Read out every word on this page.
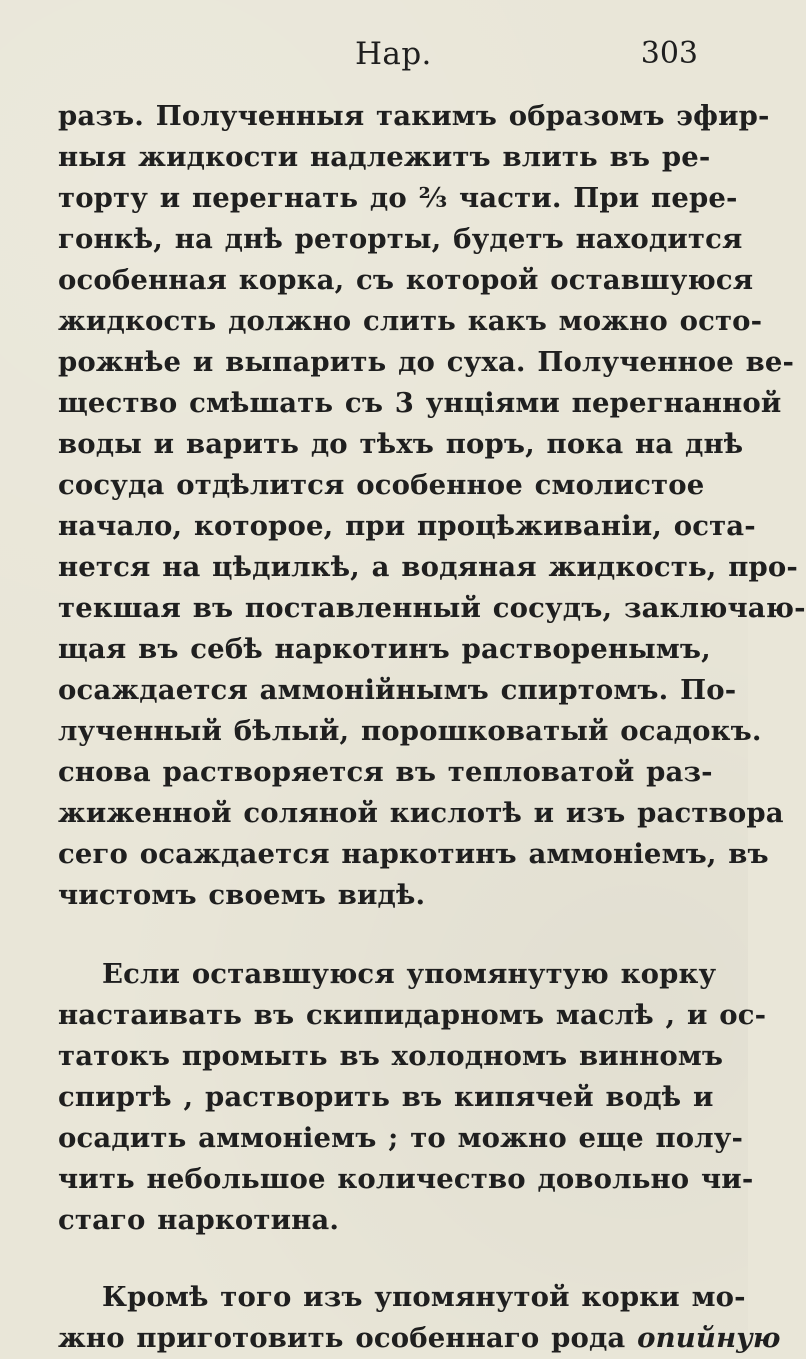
Нар.	303
разъ. Полученныя такимъ образомъ эфир-
ныя жидкости надлежитъ влить въ ре-
торту и перегнать до ⅔ части. При пере-
гонкѣ, на днѣ реторты, будетъ находится
особенная корка, съ которой оставшуюся
жидкость должно слить какъ можно осто-
рожнѣе и выпарить до суха. Полученное ве-
щество смѣшать съ 3 унціями перегнанной
воды и варить до тѣхъ поръ, пока на днѣ
сосуда отдѣлится особенное смолистое
начало, которое, при процѣживаніи, оста-
нется на цѣдилкѣ, а водяная жидкость, про-
текшая въ поставленный сосудъ, заключаю-
щая въ себѣ наркотинъ растворенымъ,
осаждается аммонійнымъ спиртомъ. По-
лученный бѣлый, порошковатый осадокъ.
снова растворяется въ тепловатой раз-
жиженной соляной кислотѣ и изъ раствора
сего осаждается наркотинъ аммоніемъ, въ
чистомъ своемъ видѣ.
Если оставшуюся упомянутую корку
настаивать въ скипидарномъ маслѣ , и ос-
татокъ промыть въ холодномъ винномъ
спиртѣ , растворить въ кипячей водѣ и
осадить аммоніемъ ; то можно еще полу-
чить небольшое количество довольно чи-
стаго наркотина.
Кромѣ того изъ упомянутой корки мо-
жно приготовить особеннаго рода опийную
